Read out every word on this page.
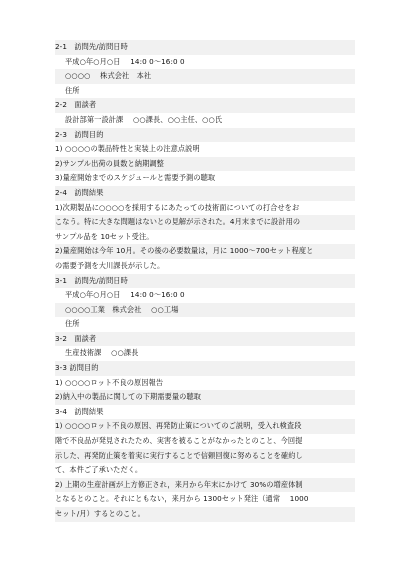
2-1　訪問先/訪問日時
平成○年○月○日　 14:0 0～16:0 0
○○○○　 株式会社　本社
住所
2-2　面談者
設計部第一設計課　 ○○課長、○○主任、○○氏
2-3　訪問目的
1) ○○○○の製品特性と実装上の注意点説明
2)サンプル出荷の員数と納期調整
3)量産開始までのスケジュールと需要予測の聴取
2-4　訪問結果
1)次期製品に○○○○を採用するにあたっての技術面についての打合せをお
こなう。特に大きな問題はないとの見解が示された。4月末までに設計用の
サンプル品を 10セット受注。
2)量産開始は今年 10月。その後の必要数量は，月に 1000～700セット程度と
の需要予測を大川課長が示した。
3-1　訪問先/訪問日時
平成○年○月○日　 14:0 0～16:0 0
○○○○工業　株式会社　 ○○工場
住所
3-2　面談者
生産技術課　 ○○課長
3-3 訪問目的
1) ○○○○ロット不良の原因報告
2)納入中の製品に関しての下期需要量の聴取
3-4　訪問結果
1) ○○○○ロット不良の原因、再発防止策についてのご説明，受入れ検査段
階で不良品が発見されたため、実害を被ることがなかったとのこと、今回提
示した、再発防止策を着実に実行することで信頼回復に努めることを確約し
て、本件ご了承いただく。
2) 上期の生産計画が上方修正され，来月から年末にかけて 30%の増産体制
となるとのこと。それにともない，来月から 1300セット発注（通常　 1000
セット/月）するとのこと。
